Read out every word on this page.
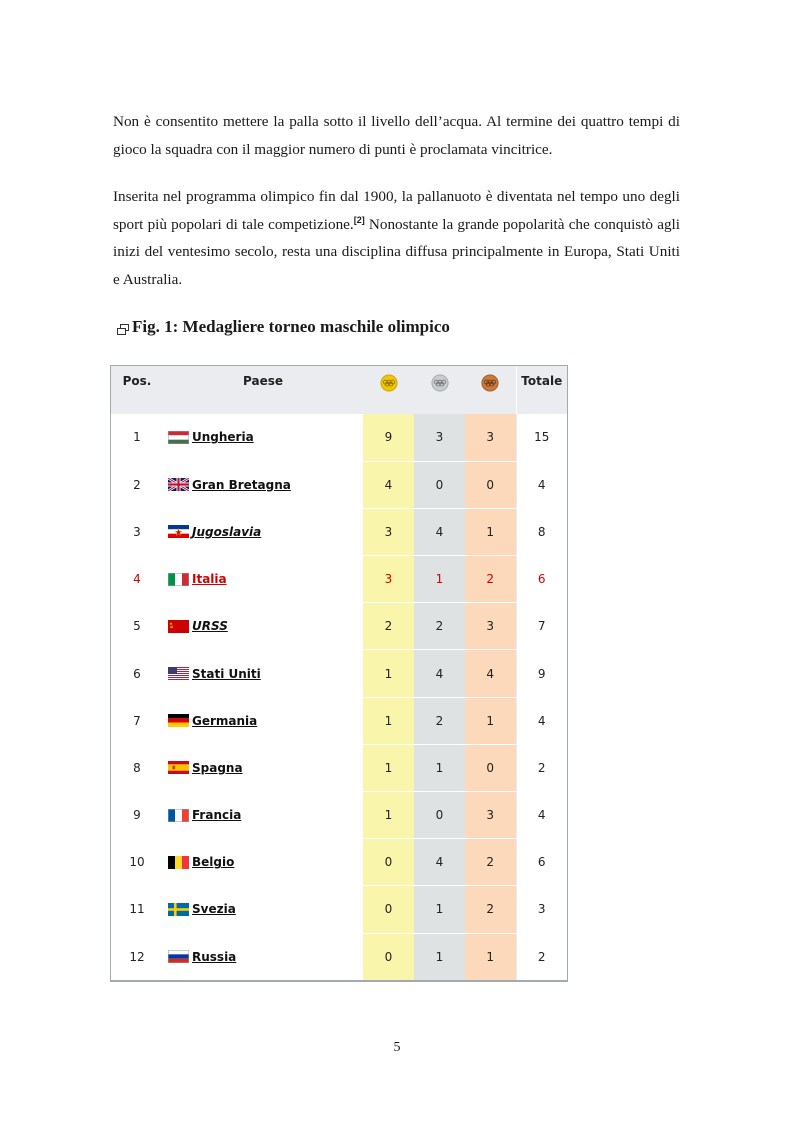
Non è consentito mettere la palla sotto il livello dell’acqua. Al termine dei quattro tempi di gioco la squadra con il maggior numero di punti è proclamata vincitrice.

Inserita nel programma olimpico fin dal 1900, la pallanuoto è diventata nel tempo uno degli sport più popolari di tale competizione.[2] Nonostante la grande popolarità che conquistò agli inizi del ventesimo secolo, resta una disciplina diffusa principalmente in Europa, Stati Uniti e Australia.

Fig. 1: Medagliere torneo maschile olimpico

Pos.	Paese				Totale
1	Ungheria	9	3	3	15
2	Gran Bretagna	4	0	0	4
3	Jugoslavia	3	4	1	8
4	Italia	3	1	2	6
5	URSS	2	2	3	7
6	Stati Uniti	1	4	4	9
7	Germania	1	2	1	4
8	Spagna	1	1	0	2
9	Francia	1	0	3	4
10	Belgio	0	4	2	6
11	Svezia	0	1	2	3
12	Russia	0	1	1	2

5
